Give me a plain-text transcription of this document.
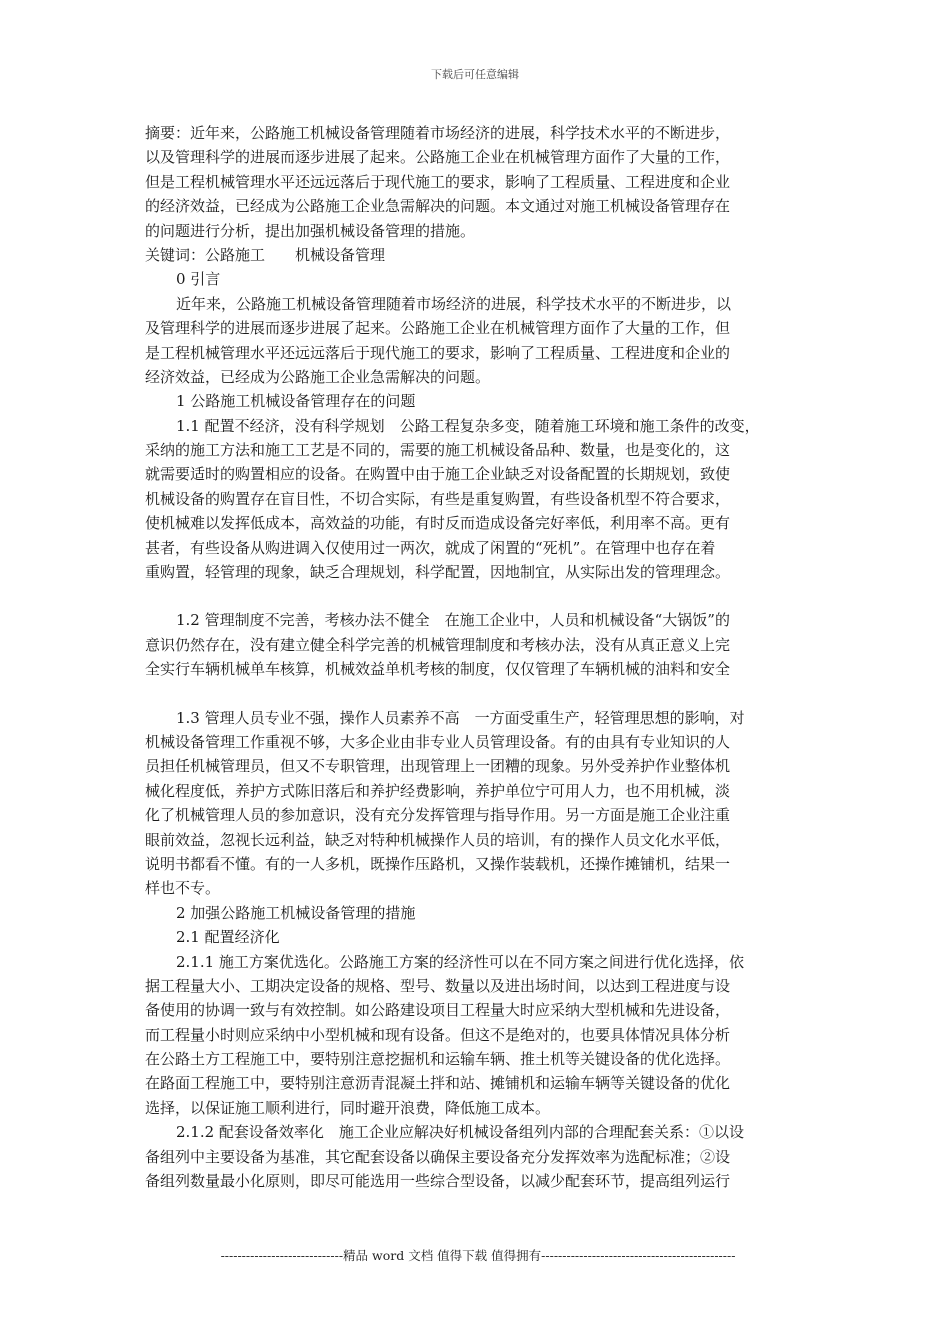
下载后可任意编辑
摘要：近年来，公路施工机械设备管理随着市场经济的进展，科学技术水平的不断进步，
以及管理科学的进展而逐步进展了起来。公路施工企业在机械管理方面作了大量的工作，
但是工程机械管理水平还远远落后于现代施工的要求，影响了工程质量、工程进度和企业
的经济效益，已经成为公路施工企业急需解决的问题。本文通过对施工机械设备管理存在
的问题进行分析，提出加强机械设备管理的措施。
关键词：公路施工　　机械设备管理
0 引言
近年来，公路施工机械设备管理随着市场经济的进展，科学技术水平的不断进步，以
及管理科学的进展而逐步进展了起来。公路施工企业在机械管理方面作了大量的工作，但
是工程机械管理水平还远远落后于现代施工的要求，影响了工程质量、工程进度和企业的
经济效益，已经成为公路施工企业急需解决的问题。
1 公路施工机械设备管理存在的问题
1.1 配置不经济，没有科学规划　公路工程复杂多变，随着施工环境和施工条件的改变，
采纳的施工方法和施工工艺是不同的，需要的施工机械设备品种、数量，也是变化的，这
就需要适时的购置相应的设备。在购置中由于施工企业缺乏对设备配置的长期规划，致使
机械设备的购置存在盲目性，不切合实际，有些是重复购置，有些设备机型不符合要求，
使机械难以发挥低成本，高效益的功能，有时反而造成设备完好率低，利用率不高。更有
甚者，有些设备从购进调入仅使用过一两次，就成了闲置的“死机”。在管理中也存在着
重购置，轻管理的现象，缺乏合理规划，科学配置，因地制宜，从实际出发的管理理念。
1.2 管理制度不完善，考核办法不健全　在施工企业中，人员和机械设备“大锅饭”的
意识仍然存在，没有建立健全科学完善的机械管理制度和考核办法，没有从真正意义上完
全实行车辆机械单车核算，机械效益单机考核的制度，仅仅管理了车辆机械的油料和安全
1.3 管理人员专业不强，操作人员素养不高　一方面受重生产，轻管理思想的影响，对
机械设备管理工作重视不够，大多企业由非专业人员管理设备。有的由具有专业知识的人
员担任机械管理员，但又不专职管理，出现管理上一团糟的现象。另外受养护作业整体机
械化程度低，养护方式陈旧落后和养护经费影响，养护单位宁可用人力，也不用机械，淡
化了机械管理人员的参加意识，没有充分发挥管理与指导作用。另一方面是施工企业注重
眼前效益，忽视长远利益，缺乏对特种机械操作人员的培训，有的操作人员文化水平低，
说明书都看不懂。有的一人多机，既操作压路机，又操作装载机，还操作摊铺机，结果一
样也不专。
2 加强公路施工机械设备管理的措施
2.1 配置经济化
2.1.1 施工方案优选化。公路施工方案的经济性可以在不同方案之间进行优化选择，依
据工程量大小、工期决定设备的规格、型号、数量以及进出场时间，以达到工程进度与设
备使用的协调一致与有效控制。如公路建设项目工程量大时应采纳大型机械和先进设备，
而工程量小时则应采纳中小型机械和现有设备。但这不是绝对的，也要具体情况具体分析
在公路土方工程施工中，要特别注意挖掘机和运输车辆、推土机等关键设备的优化选择。
在路面工程施工中，要特别注意沥青混凝土拌和站、摊铺机和运输车辆等关键设备的优化
选择，以保证施工顺利进行，同时避开浪费，降低施工成本。
2.1.2 配套设备效率化　施工企业应解决好机械设备组列内部的合理配套关系：①以设
备组列中主要设备为基准，其它配套设备以确保主要设备充分发挥效率为选配标准；②设
备组列数量最小化原则，即尽可能选用一些综合型设备，以减少配套环节，提高组列运行
-----------------------------精品 word 文档 值得下载 值得拥有----------------------------------------------
